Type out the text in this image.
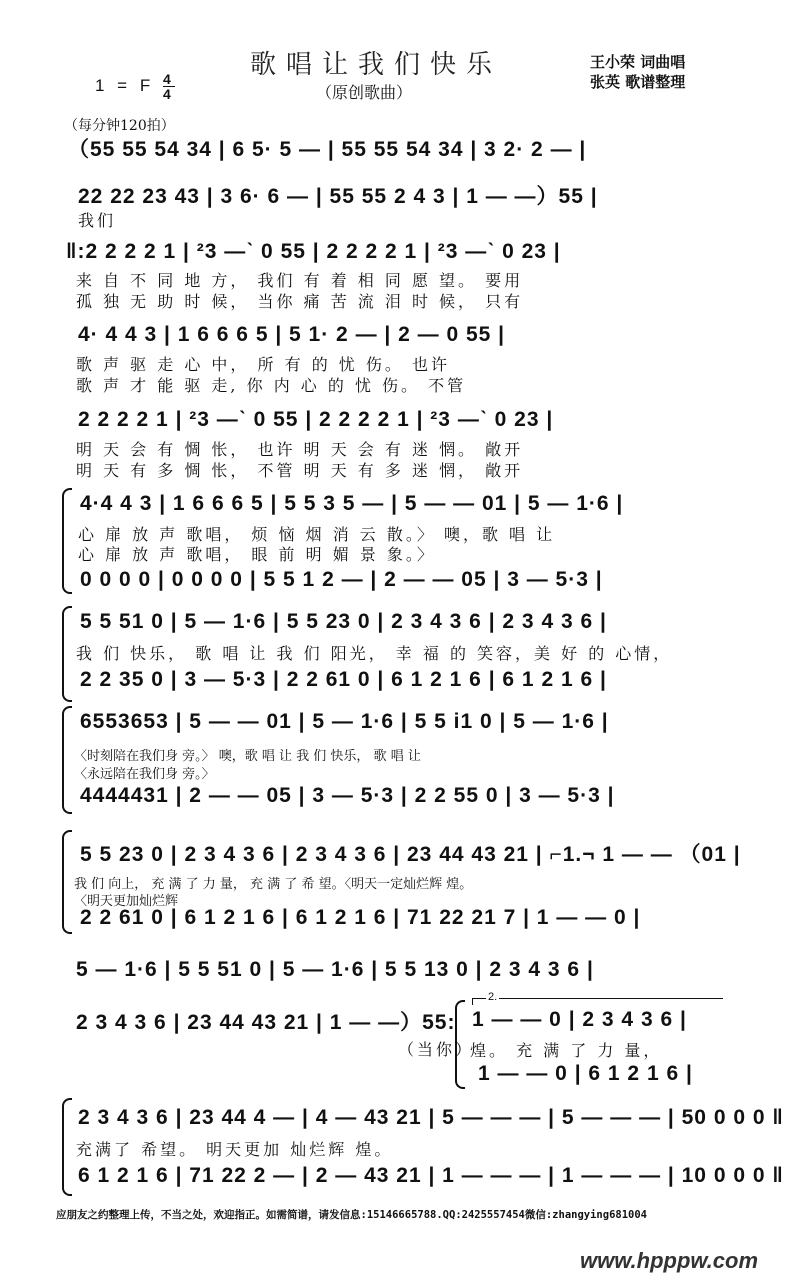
歌唱让我们快乐
（原创歌曲）
1 = F $\frac{4}{4}$
王小荣 词曲唱
张英 歌谱整理
（每分钟120拍）
（55 55 54 34 | 6 5· 5 — | 55 55 54 34 | 3 2· 2 — |
22 22 23 43 | 3 6· 6 — | 55 55 2 4 3 | 1 — —）55 |
我们
‖:2 2 2 2 1 | ²3 —ˋ 0 55 | 2 2 2 2 1 | ²3 —ˋ 0 23 |
来 自 不 同 地 方， 我们 有 着 相 同 愿 望。 要用
孤 独 无 助 时 候， 当你 痛 苦 流 泪 时 候， 只有
4· 4 4 3 | 1 6 6 6 5 | 5 1· 2 — | 2 — 0 55 |
歌 声 驱 走 心 中， 所 有 的 忧 伤。 也许
歌 声 才 能 驱 走, 你 内 心 的 忧 伤。 不管
2 2 2 2 1 | ²3 —ˋ 0 55 | 2 2 2 2 1 | ²3 —ˋ 0 23 |
明 天 会 有 惆 怅， 也许 明 天 会 有 迷 惘。 敞开
明 天 有 多 惆 怅， 不管 明 天 有 多 迷 惘， 敞开
4·4 4 3 | 1 6 6 6 5 | 5 5 3 5 — | 5 — — 01 | 5 — 1·6 |
心 扉 放 声 歌唱， 烦 恼 烟 消 云 散。〉 噢，歌 唱 让
心 扉 放 声 歌唱， 眼 前 明 媚 景 象。〉
0 0 0 0 | 0 0 0 0 | 5 5 1 2 — | 2 — — 05 | 3 — 5·3 |
5 5 51 0 | 5 — 1·6 | 5 5 23 0 | 2 3 4 3 6 | 2 3 4 3 6 |
我 们 快乐， 歌 唱 让 我 们 阳光， 幸 福 的 笑容，美 好 的 心情，
2 2 35 0 | 3 — 5·3 | 2 2 61 0 | 6 1 2 1 6 | 6 1 2 1 6 |
6553653 | 5 — — 01 | 5 — 1·6 | 5 5 i1 0 | 5 — 1·6 |
〈时刻陪在我们身 旁。〉 噢，歌 唱 让 我 们 快乐， 歌 唱 让
〈永远陪在我们身 旁。〉
4444431 | 2 — — 05 | 3 — 5·3 | 2 2 55 0 | 3 — 5·3 |
5 5 23 0 | 2 3 4 3 6 | 2 3 4 3 6 | 23 44 43 21 | ⌐1.¬ 1 — — （01 |
我 们 向上， 充 满 了 力 量， 充 满 了 希 望。〈明天一定灿烂辉 煌。
〈明天更加灿烂辉
2 2 61 0 | 6 1 2 1 6 | 6 1 2 1 6 | 71 22 21 7 | 1 — — 0 |
5 — 1·6 | 5 5 51 0 | 5 — 1·6 | 5 5 13 0 | 2 3 4 3 6 |
2 3 4 3 6 | 23 44 43 21 | 1 — —）55:
（当你）
2.
1 — — 0 | 2 3 4 3 6 |
煌。 充 满 了 力 量，
1 — — 0 | 6 1 2 1 6 |
2 3 4 3 6 | 23 44 4 — | 4 — 43 21 | 5 — — — | 5 — — — | 50 0 0 0 ‖
充满了 希望。 明天更加 灿烂辉 煌。
6 1 2 1 6 | 71 22 2 — | 2 — 43 21 | 1 — — — | 1 — — — | 10 0 0 0 ‖
应朋友之约整理上传，不当之处，欢迎指正。如需简谱，请发信息:15146665788.QQ:2425557454微信:zhangying681004
www.hpppw.com
